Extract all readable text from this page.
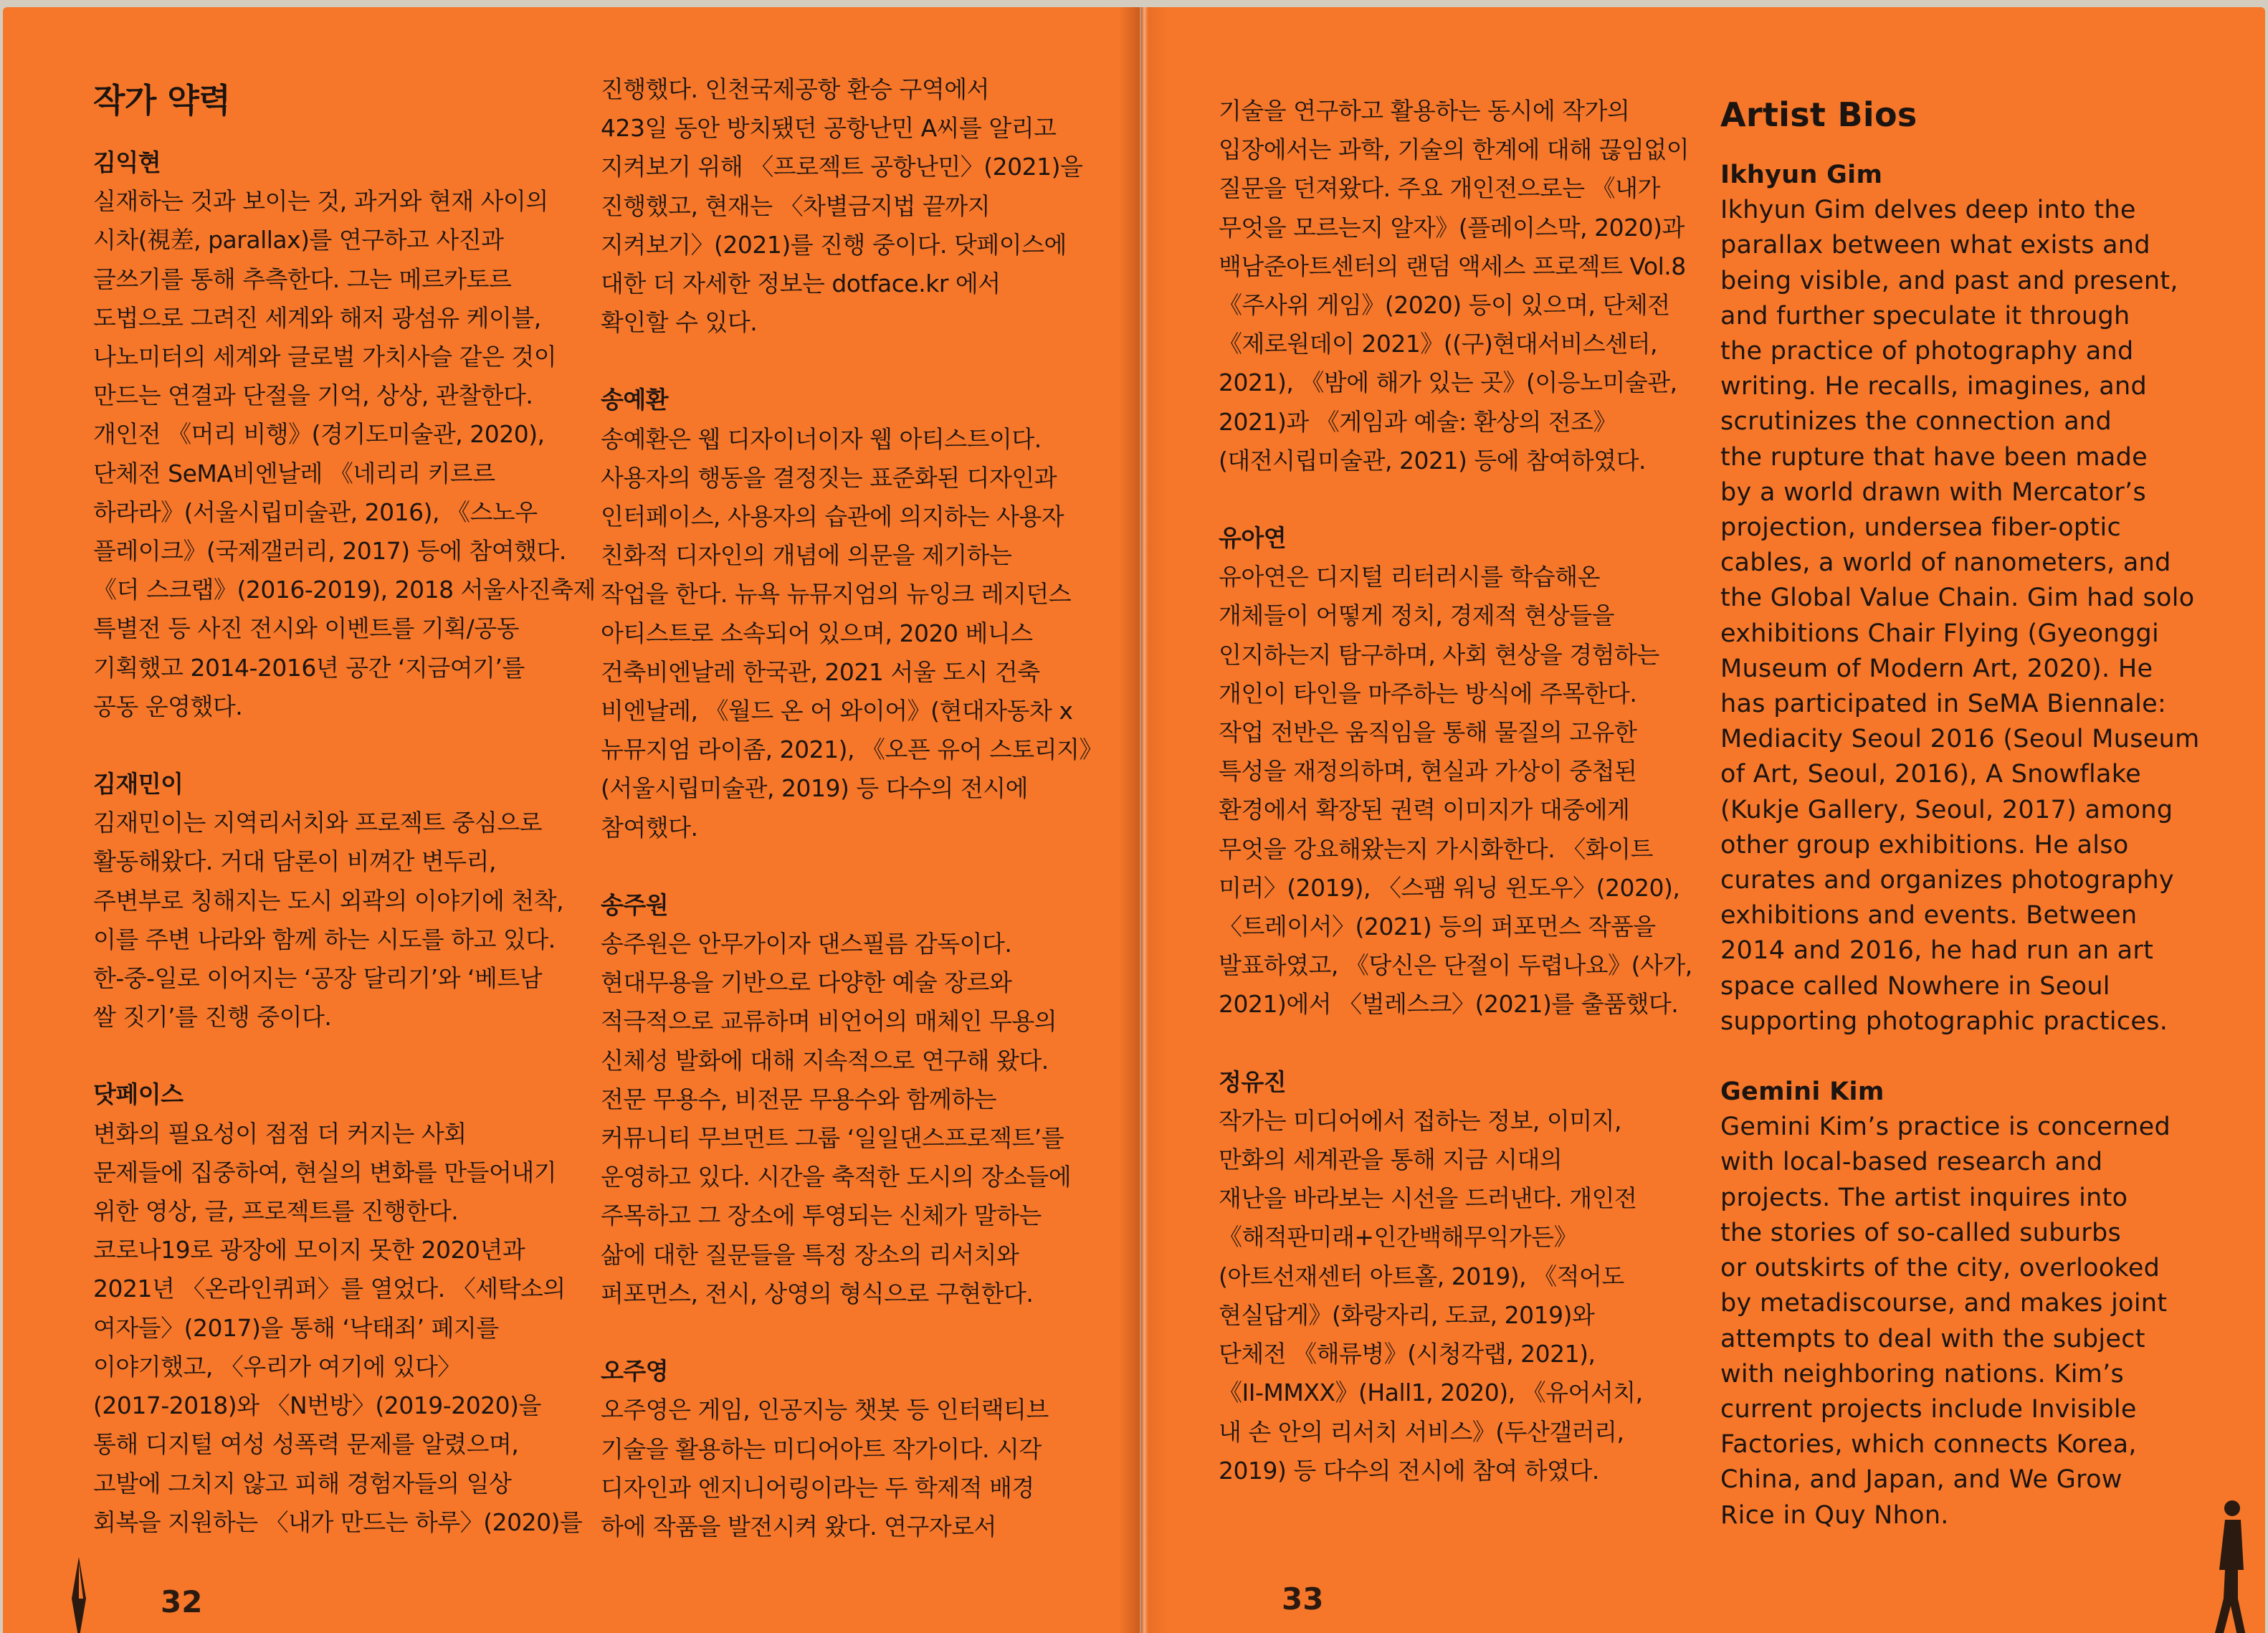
작가 약력
김익현
실재하는 것과 보이는 것, 과거와 현재 사이의
시차(視差, parallax)를 연구하고 사진과
글쓰기를 통해 추측한다. 그는 메르카토르
도법으로 그려진 세계와 해저 광섬유 케이블,
나노미터의 세계와 글로벌 가치사슬 같은 것이
만드는 연결과 단절을 기억, 상상, 관찰한다.
개인전 《머리 비행》(경기도미술관, 2020),
단체전 SeMA비엔날레 《네리리 키르르
하라라》(서울시립미술관, 2016), 《스노우
플레이크》(국제갤러리, 2017) 등에 참여했다.
《더 스크랩》(2016-2019), 2018 서울사진축제
특별전 등 사진 전시와 이벤트를 기획/공동
기획했고 2014-2016년 공간 ‘지금여기’를
공동 운영했다.
김재민이
김재민이는 지역리서치와 프로젝트 중심으로
활동해왔다. 거대 담론이 비껴간 변두리,
주변부로 칭해지는 도시 외곽의 이야기에 천착,
이를 주변 나라와 함께 하는 시도를 하고 있다.
한-중-일로 이어지는 ‘공장 달리기’와 ‘베트남
쌀 짓기’를 진행 중이다.
닷페이스
변화의 필요성이 점점 더 커지는 사회
문제들에 집중하여, 현실의 변화를 만들어내기
위한 영상, 글, 프로젝트를 진행한다.
코로나19로 광장에 모이지 못한 2020년과
2021년 〈온라인퀴퍼〉를 열었다. 〈세탁소의
여자들〉(2017)을 통해 ‘낙태죄’ 폐지를
이야기했고, 〈우리가 여기에 있다〉
(2017-2018)와 〈N번방〉(2019-2020)을
통해 디지털 여성 성폭력 문제를 알렸으며,
고발에 그치지 않고 피해 경험자들의 일상
회복을 지원하는 〈내가 만드는 하루〉(2020)를
진행했다. 인천국제공항 환승 구역에서
423일 동안 방치됐던 공항난민 A씨를 알리고
지켜보기 위해 〈프로젝트 공항난민〉(2021)을
진행했고, 현재는 〈차별금지법 끝까지
지켜보기〉(2021)를 진행 중이다. 닷페이스에
대한 더 자세한 정보는 dotface.kr 에서
확인할 수 있다.
송예환
송예환은 웹 디자이너이자 웹 아티스트이다.
사용자의 행동을 결정짓는 표준화된 디자인과
인터페이스, 사용자의 습관에 의지하는 사용자
친화적 디자인의 개념에 의문을 제기하는
작업을 한다. 뉴욕 뉴뮤지엄의 뉴잉크 레지던스
아티스트로 소속되어 있으며, 2020 베니스
건축비엔날레 한국관, 2021 서울 도시 건축
비엔날레, 《월드 온 어 와이어》(현대자동차 x
뉴뮤지엄 라이좀, 2021), 《오픈 유어 스토리지》
(서울시립미술관, 2019) 등 다수의 전시에
참여했다.
송주원
송주원은 안무가이자 댄스필름 감독이다.
현대무용을 기반으로 다양한 예술 장르와
적극적으로 교류하며 비언어의 매체인 무용의
신체성 발화에 대해 지속적으로 연구해 왔다.
전문 무용수, 비전문 무용수와 함께하는
커뮤니티 무브먼트 그룹 ‘일일댄스프로젝트’를
운영하고 있다. 시간을 축적한 도시의 장소들에
주목하고 그 장소에 투영되는 신체가 말하는
삶에 대한 질문들을 특정 장소의 리서치와
퍼포먼스, 전시, 상영의 형식으로 구현한다.
오주영
오주영은 게임, 인공지능 챗봇 등 인터랙티브
기술을 활용하는 미디어아트 작가이다. 시각
디자인과 엔지니어링이라는 두 학제적 배경
하에 작품을 발전시켜 왔다. 연구자로서
32
기술을 연구하고 활용하는 동시에 작가의
입장에서는 과학, 기술의 한계에 대해 끊임없이
질문을 던져왔다. 주요 개인전으로는 《내가
무엇을 모르는지 알자》(플레이스막, 2020)과
백남준아트센터의 랜덤 액세스 프로젝트 Vol.8
《주사위 게임》(2020) 등이 있으며, 단체전
《제로원데이 2021》((구)현대서비스센터,
2021), 《밤에 해가 있는 곳》(이응노미술관,
2021)과 《게임과 예술: 환상의 전조》
(대전시립미술관, 2021) 등에 참여하였다.
유아연
유아연은 디지털 리터러시를 학습해온
개체들이 어떻게 정치, 경제적 현상들을
인지하는지 탐구하며, 사회 현상을 경험하는
개인이 타인을 마주하는 방식에 주목한다.
작업 전반은 움직임을 통해 물질의 고유한
특성을 재정의하며, 현실과 가상이 중첩된
환경에서 확장된 권력 이미지가 대중에게
무엇을 강요해왔는지 가시화한다. 〈화이트
미러〉(2019), 〈스팸 워닝 윈도우〉(2020),
〈트레이서〉(2021) 등의 퍼포먼스 작품을
발표하였고, 《당신은 단절이 두렵나요》(사가,
2021)에서 〈벌레스크〉(2021)를 출품했다.
정유진
작가는 미디어에서 접하는 정보, 이미지,
만화의 세계관을 통해 지금 시대의
재난을 바라보는 시선을 드러낸다. 개인전
《해적판미래+인간백해무익가든》
(아트선재센터 아트홀, 2019), 《적어도
현실답게》(화랑자리, 도쿄, 2019)와
단체전 《해류병》(시청각랩, 2021),
《II-MMXX》(Hall1, 2020), 《유어서치,
내 손 안의 리서치 서비스》(두산갤러리,
2019) 등 다수의 전시에 참여 하였다.
Artist Bios
Ikhyun Gim
Ikhyun Gim delves deep into the
parallax between what exists and
being visible, and past and present,
and further speculate it through
the practice of photography and
writing. He recalls, imagines, and
scrutinizes the connection and
the rupture that have been made
by a world drawn with Mercator’s
projection, undersea fiber-optic
cables, a world of nanometers, and
the Global Value Chain. Gim had solo
exhibitions Chair Flying (Gyeonggi
Museum of Modern Art, 2020). He
has participated in SeMA Biennale:
Mediacity Seoul 2016 (Seoul Museum
of Art, Seoul, 2016), A Snowflake
(Kukje Gallery, Seoul, 2017) among
other group exhibitions. He also
curates and organizes photography
exhibitions and events. Between
2014 and 2016, he had run an art
space called Nowhere in Seoul
supporting photographic practices.
Gemini Kim
Gemini Kim’s practice is concerned
with local-based research and
projects. The artist inquires into
the stories of so-called suburbs
or outskirts of the city, overlooked
by metadiscourse, and makes joint
attempts to deal with the subject
with neighboring nations. Kim’s
current projects include Invisible
Factories, which connects Korea,
China, and Japan, and We Grow
Rice in Quy Nhon.
33
